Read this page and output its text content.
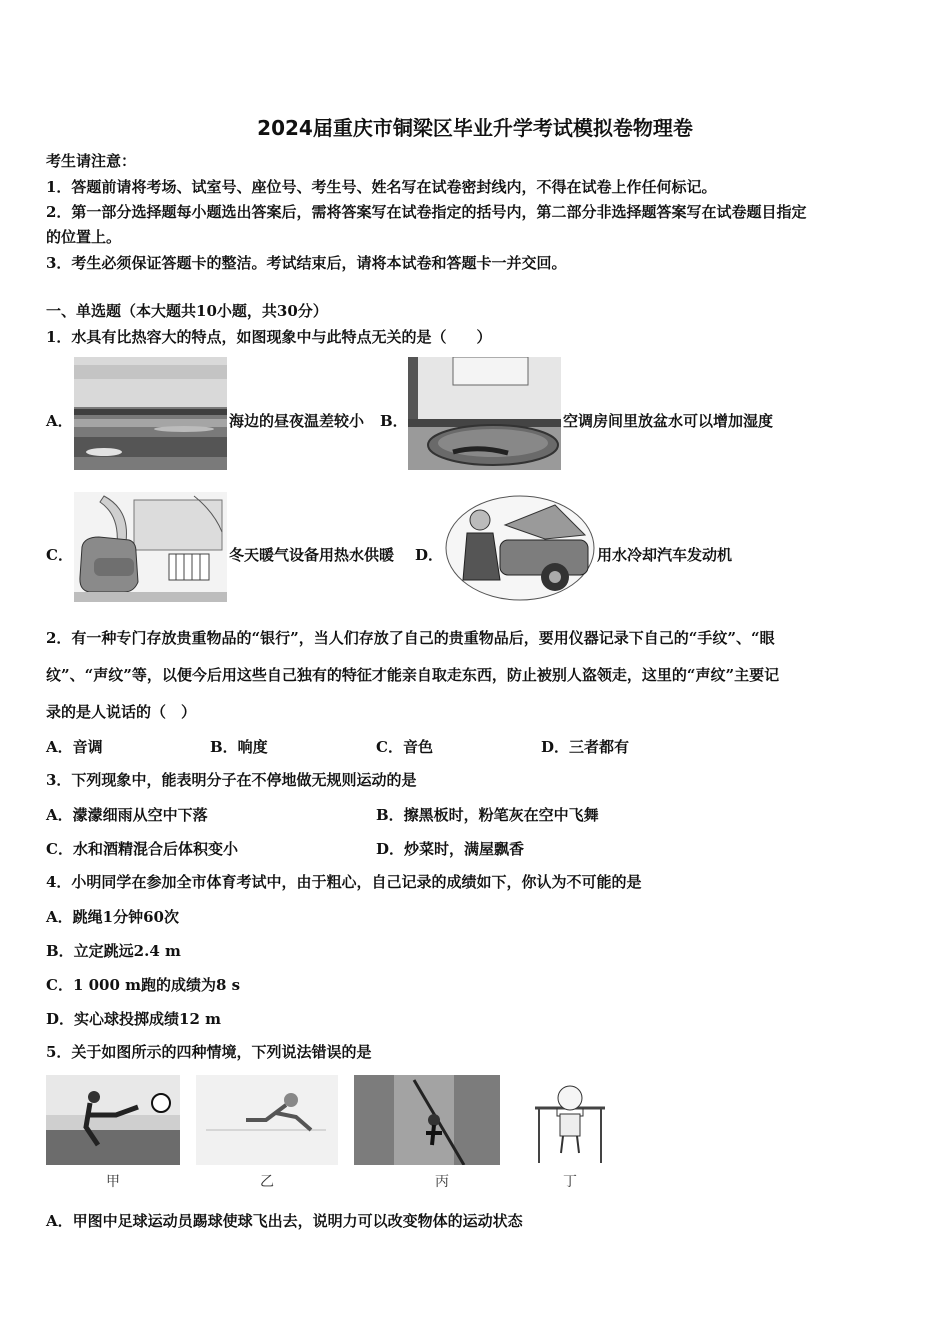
2024届重庆市铜梁区毕业升学考试模拟卷物理卷
考生请注意：
1．答题前请将考场、试室号、座位号、考生号、姓名写在试卷密封线内，不得在试卷上作任何标记。
2．第一部分选择题每小题选出答案后，需将答案写在试卷指定的括号内，第二部分非选择题答案写在试卷题目指定
的位置上。
3．考生必须保证答题卡的整洁。考试结束后，请将本试卷和答题卡一并交回。
一、单选题（本大题共10小题，共30分）
1．水具有比热容大的特点，如图现象中与此特点无关的是（　　）
A．	海边的昼夜温差较小 B．	空调房间里放盆水可以增加湿度
C．	冬天暖气设备用热水供暖 D．	用水冷却汽车发动机
2．有一种专门存放贵重物品的“银行”，当人们存放了自己的贵重物品后，要用仪器记录下自己的“手纹”、“眼
纹”、“声纹”等，以便今后用这些自己独有的特征才能亲自取走东西，防止被别人盗领走，这里的“声纹”主要记
录的是人说话的（　）
A．音调	B．响度	C．音色	D．三者都有
3．下列现象中，能表明分子在不停地做无规则运动的是
A．濛濛细雨从空中下落	B．擦黑板时，粉笔灰在空中飞舞
C．水和酒精混合后体积变小	D．炒菜时，满屋飘香
4．小明同学在参加全市体育考试中，由于粗心，自己记录的成绩如下，你认为不可能的是
A．跳绳1分钟60次
B．立定跳远2.4 m
C．1 000 m跑的成绩为8 s
D．实心球投掷成绩12 m
5．关于如图所示的四种情境，下列说法错误的是
甲	乙	丙	丁
A．甲图中足球运动员踢球使球飞出去，说明力可以改变物体的运动状态
